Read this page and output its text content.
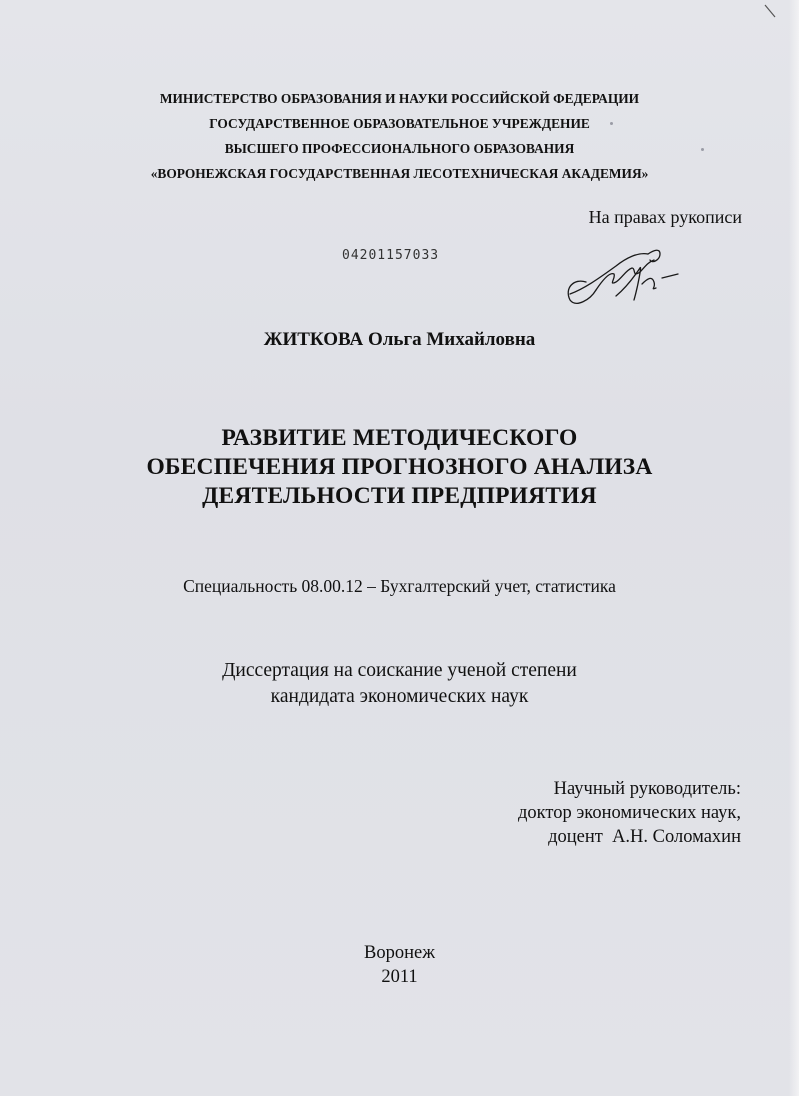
МИНИСТЕРСТВО ОБРАЗОВАНИЯ И НАУКИ РОССИЙСКОЙ ФЕДЕРАЦИИ
ГОСУДАРСТВЕННОЕ ОБРАЗОВАТЕЛЬНОЕ УЧРЕЖДЕНИЕ
ВЫСШЕГО ПРОФЕССИОНАЛЬНОГО ОБРАЗОВАНИЯ
«ВОРОНЕЖСКАЯ ГОСУДАРСТВЕННАЯ ЛЕСОТЕХНИЧЕСКАЯ АКАДЕМИЯ»
На правах рукописи
04201157033
ЖИТКОВА Ольга Михайловна
РАЗВИТИЕ МЕТОДИЧЕСКОГО
ОБЕСПЕЧЕНИЯ ПРОГНОЗНОГО АНАЛИЗА
ДЕЯТЕЛЬНОСТИ ПРЕДПРИЯТИЯ
Специальность 08.00.12 – Бухгалтерский учет, статистика
Диссертация на соискание ученой степени
кандидата экономических наук
Научный руководитель:
доктор экономических наук,
доцент  А.Н. Соломахин
Воронеж
2011
